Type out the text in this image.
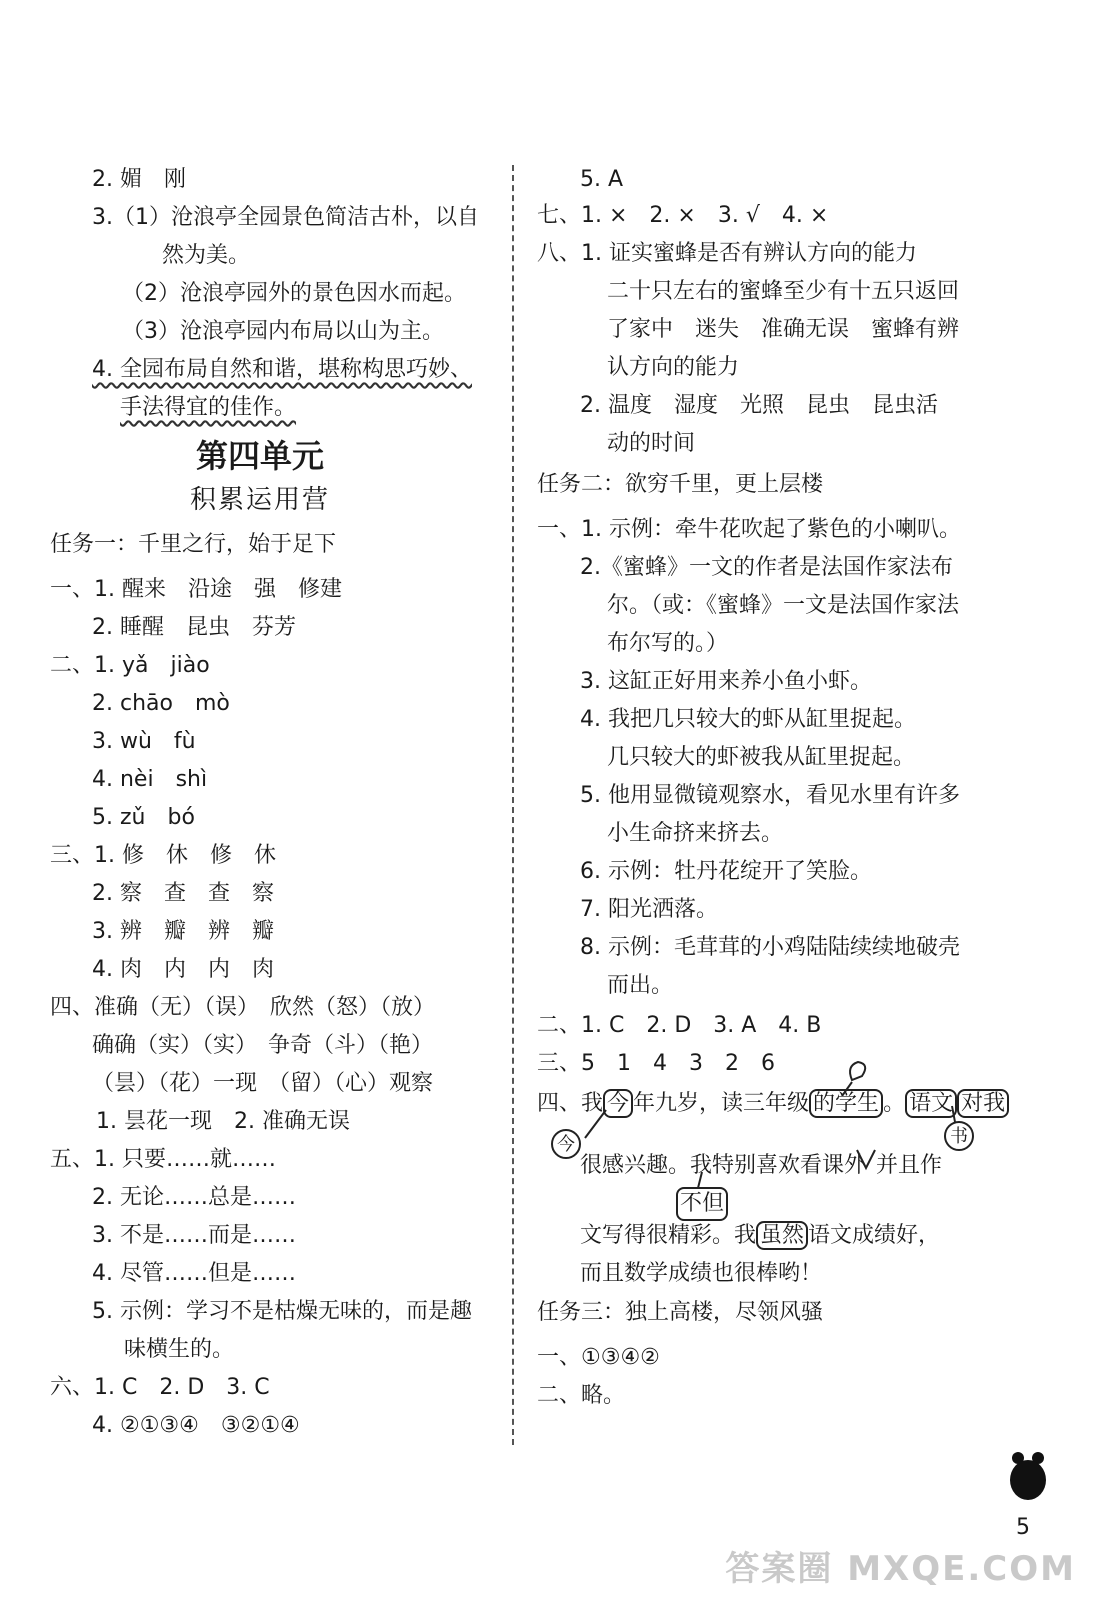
2. 媚　刚
3.（1）沧浪亭全园景色简洁古朴，以自
然为美。
（2）沧浪亭园外的景色因水而起。
（3）沧浪亭园内布局以山为主。
4. 全园布局自然和谐，堪称构思巧妙、
手法得宜的佳作。
第四单元
积累运用营
任务一：千里之行，始于足下
一、1. 醒来　沿途　强　修建
2. 睡醒　昆虫　芬芳
二、1. yǎ　jiào
2. chāo　mò
3. wù　fù
4. nèi　shì
5. zǔ　bó
三、1. 修　休　修　休
2. 察　查　查　察
3. 辨　瓣　辨　瓣
4. 肉　内　内　肉
四、准确（无）（误）　欣然（怒）（放）
确确（实）（实）　争奇（斗）（艳）
（昙）（花）一现　（留）（心）观察
1. 昙花一现　2. 准确无误
五、1. 只要……就……
2. 无论……总是……
3. 不是……而是……
4. 尽管……但是……
5. 示例：学习不是枯燥无味的，而是趣
味横生的。
六、1. C　2. D　3. C
4. ②①③④　③②①④
5. A
七、1. ×　2. ×　3. √　4. ×
八、1. 证实蜜蜂是否有辨认方向的能力
二十只左右的蜜蜂至少有十五只返回
了家中　迷失　准确无误　蜜蜂有辨
认方向的能力
2. 温度　湿度　光照　昆虫　昆虫活
动的时间
任务二：欲穷千里，更上层楼
一、1. 示例：牵牛花吹起了紫色的小喇叭。
2.《蜜蜂》一文的作者是法国作家法布
尔。（或：《蜜蜂》一文是法国作家法
布尔写的。）
3. 这缸正好用来养小鱼小虾。
4. 我把几只较大的虾从缸里捉起。
几只较大的虾被我从缸里捉起。
5. 他用显微镜观察水，看见水里有许多
小生命挤来挤去。
6. 示例：牡丹花绽开了笑脸。
7. 阳光洒落。
8. 示例：毛茸茸的小鸡陆陆续续地破壳
而出。
二、1. C　2. D　3. A　4. B
三、5　1　4　3　2　6
四、我 今 年九岁，读三年级 的学生 。 语文 对我
今	书
很感兴趣。我特别喜欢看课外 并且作
不但
文写得很精彩。我 虽然 语文成绩好，
而且数学成绩也很棒哟！
任务三：独上高楼，尽领风骚
一、①③④②
二、略。
5
答案圈 MXQE.COM
